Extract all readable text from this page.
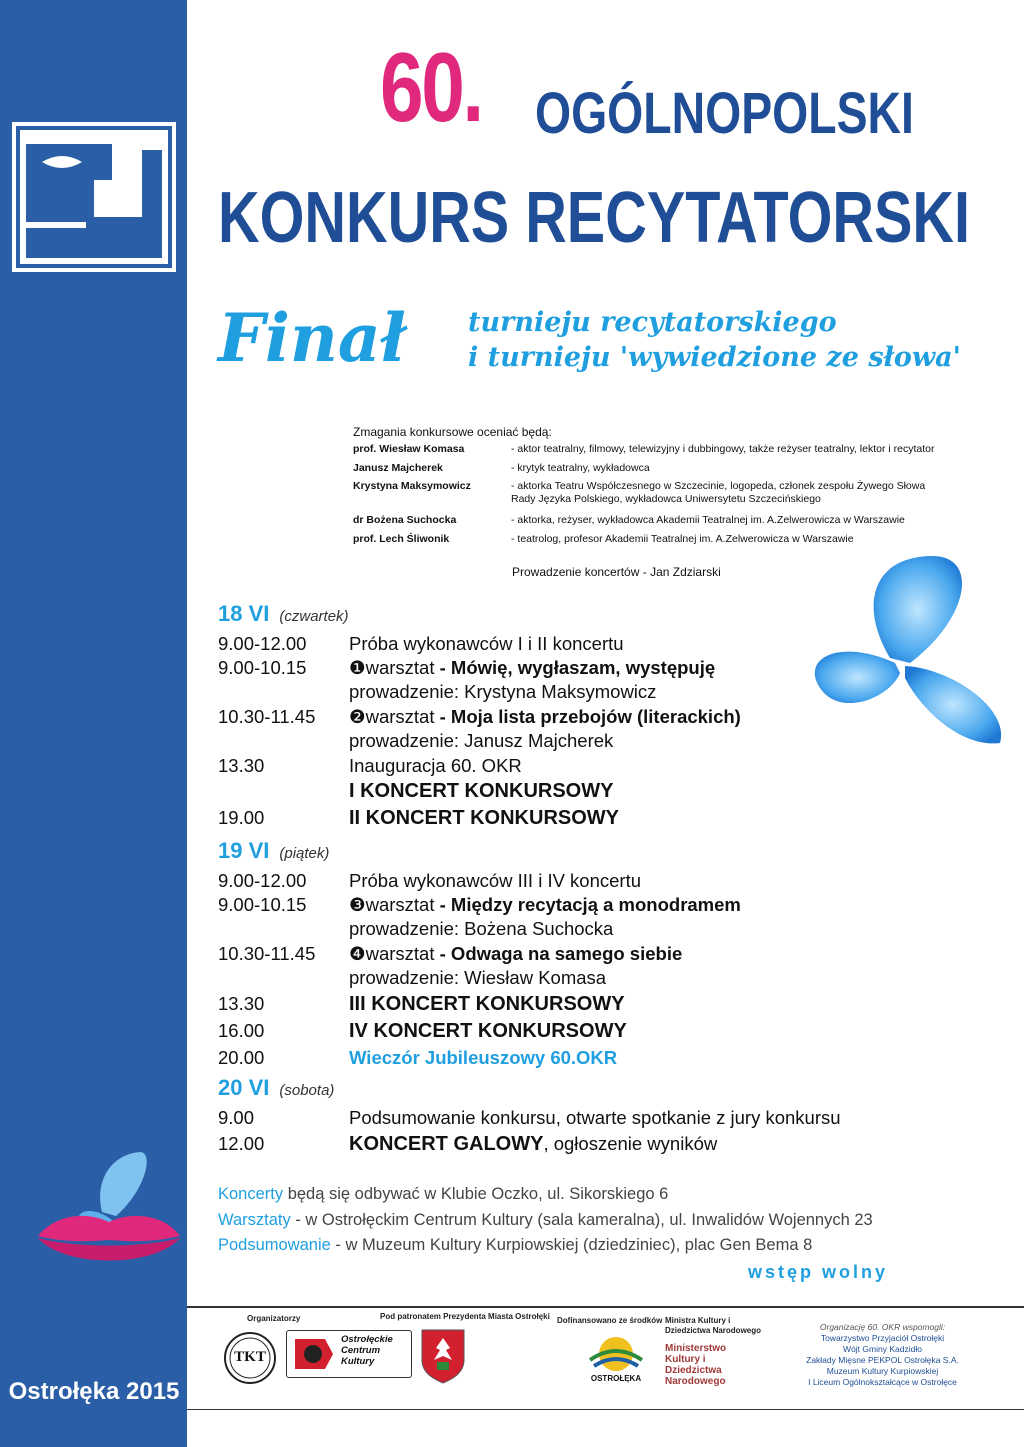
Ostrołęka 2015
60. OGÓLNOPOLSKI
KONKURS RECYTATORSKI
Finał turnieju recytatorskiego
i turnieju 'wywiedzione ze słowa'
Zmagania konkursowe oceniać będą:
prof. Wiesław Komasa	- aktor teatralny, filmowy, telewizyjny i dubbingowy, także reżyser teatralny, lektor i recytator
Janusz Majcherek	- krytyk teatralny, wykładowca
Krystyna Maksymowicz	- aktorka Teatru Współczesnego w Szczecinie, logopeda, członek zespołu Żywego Słowa Rady Języka Polskiego, wykładowca Uniwersytetu Szczecińskiego
dr Bożena Suchocka	- aktorka, reżyser, wykładowca Akademii Teatralnej im. A.Zelwerowicza w Warszawie
prof. Lech Śliwonik	- teatrolog, profesor Akademii Teatralnej im. A.Zelwerowicza w Warszawie
Prowadzenie koncertów - Jan Zdziarski
18 VI (czwartek)
9.00-12.00	Próba wykonawców I i II koncertu
9.00-10.15	❶warsztat - Mówię, wygłaszam, występuję
prowadzenie: Krystyna Maksymowicz
10.30-11.45	❷warsztat - Moja lista przebojów (literackich)
prowadzenie: Janusz Majcherek
13.30	Inauguracja 60. OKR
I KONCERT KONKURSOWY
19.00	II KONCERT KONKURSOWY
19 VI (piątek)
9.00-12.00	Próba wykonawców III i IV koncertu
9.00-10.15	❸warsztat - Między recytacją a monodramem
prowadzenie: Bożena Suchocka
10.30-11.45	❹warsztat - Odwaga na samego siebie
prowadzenie: Wiesław Komasa
13.30	III KONCERT KONKURSOWY
16.00	IV KONCERT KONKURSOWY
20.00	Wieczór Jubileuszowy 60.OKR
20 VI (sobota)
9.00	Podsumowanie konkursu, otwarte spotkanie z jury konkursu
12.00	KONCERT GALOWY, ogłoszenie wyników
Koncerty będą się odbywać w Klubie Oczko, ul. Sikorskiego 6
Warsztaty - w Ostrołęckim Centrum Kultury (sala kameralna), ul. Inwalidów Wojennych 23
Podsumowanie - w Muzeum Kultury Kurpiowskiej (dziedziniec), plac Gen Bema 8
wstęp wolny
Organizatorzy	Pod patronatem Prezydenta Miasta Ostrołęki Dofinansowano ze środków Ministra Kultury i Dziedzictwa Narodowego
TKT
Ostrołęckie Centrum Kultury
OSTROŁĘKA
Ministerstwo Kultury i Dziedzictwa Narodowego
Organizację 60. OKR wspomogli:
Towarzystwo Przyjaciół Ostrołęki
Wójt Gminy Kadzidło
Zakłady Mięsne PEKPOL Ostrołęka S.A.
Muzeum Kultury Kurpiowskiej
I Liceum Ogólnokształcące w Ostrołęce
